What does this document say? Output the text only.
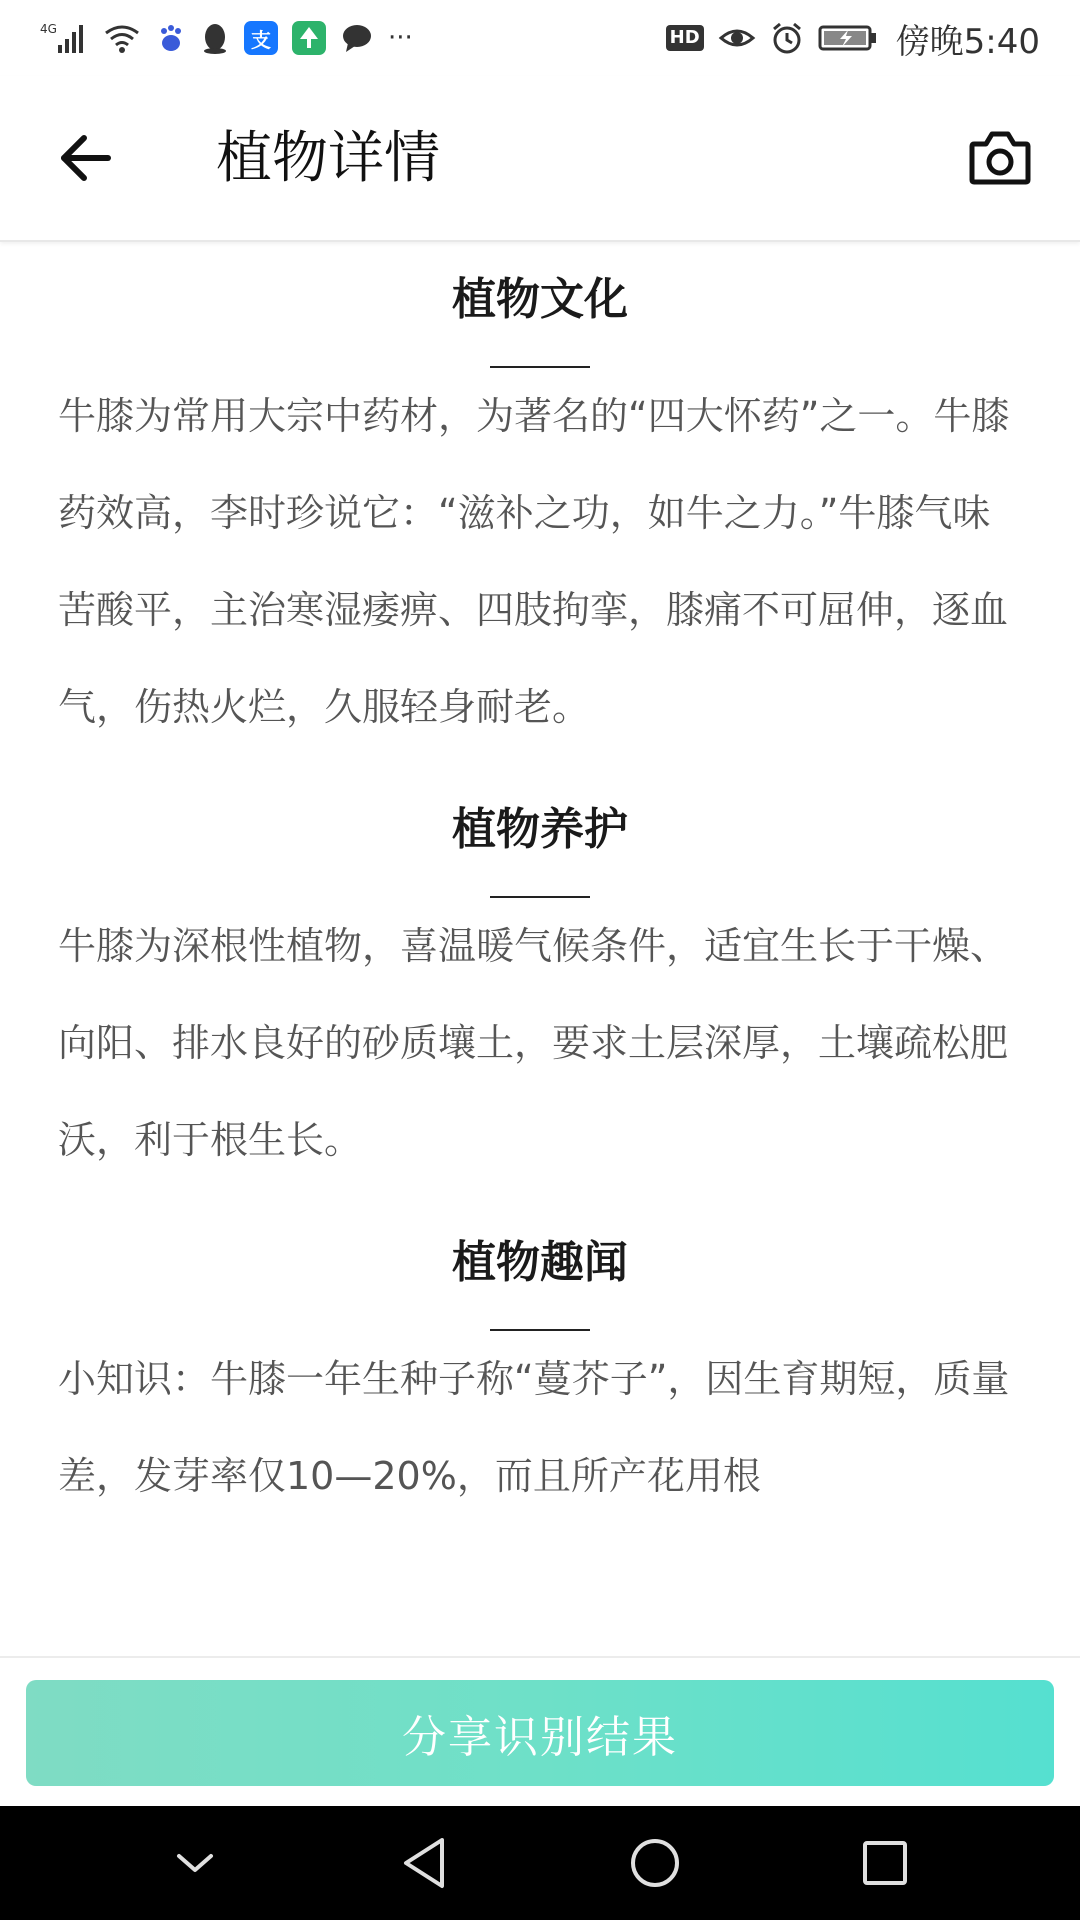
4G	支	···	HD	傍晚5:40
植物详情
植物文化

牛膝为常用大宗中药材，为著名的“四大怀药”之一。牛膝药效高，李时珍说它：“滋补之功，如牛之力。”牛膝气味苦酸平，主治寒湿痿痹、四肢拘挛，膝痛不可屈伸，逐血气，伤热火烂，久服轻身耐老。

植物养护

牛膝为深根性植物，喜温暖气候条件，适宜生长于干燥、向阳、排水良好的砂质壤土，要求土层深厚，土壤疏松肥沃，利于根生长。

植物趣闻

小知识：牛膝一年生种子称“蔓芥子”，因生育期短，质量差，发芽率仅10—20%，而且所产花用根

分享识别结果
